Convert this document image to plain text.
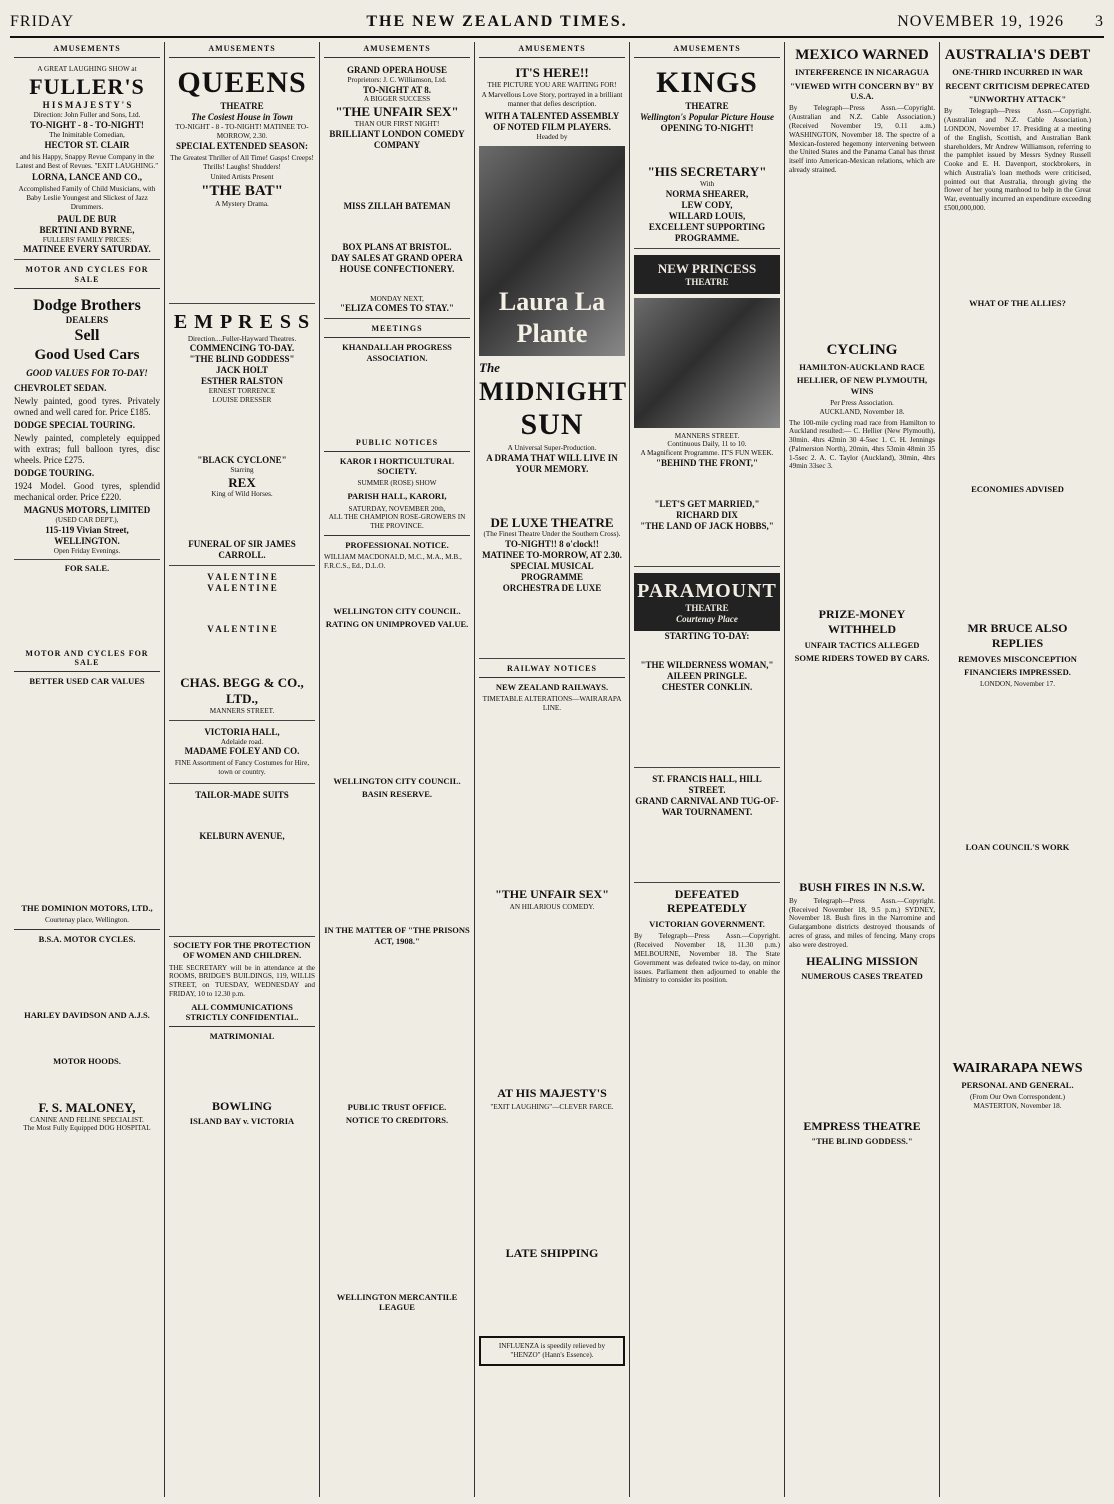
FRIDAY	THE NEW ZEALAND TIMES.	NOVEMBER 19, 1926	3
AMUSEMENTS
A GREAT LAUGHING SHOW at
FULLER'S
H I S M A J E S T Y ' S
Direction: John Fuller and Sons, Ltd.
TO-NIGHT - 8 - TO-NIGHT!
The Inimitable Comedian,
HECTOR ST. CLAIR

and his Happy, Snappy Revue Company in the Latest and Best of Revues. "EXIT LAUGHING."

LORNA, LANCE AND CO.,

Accomplished Family of Child Musicians, with Baby Leslie Youngest and Slickest of Jazz Drummers.

PAUL DE BUR
BERTINI AND BYRNE,
FULLERS' FAMILY PRICES:
MATINEE EVERY SATURDAY.
MOTOR AND CYCLES FOR SALE
Dodge Brothers
DEALERS
Sell
Good Used Cars
GOOD VALUES FOR TO-DAY!
CHEVROLET SEDAN.

Newly painted, good tyres. Privately owned and well cared for. Price £185.

DODGE SPECIAL TOURING.

Newly painted, completely equipped with extras; full balloon tyres, disc wheels. Price £275.

DODGE TOURING.

1924 Model. Good tyres, splendid mechanical order. Price £220.

MAGNUS MOTORS, LIMITED
(USED CAR DEPT.),
115-119 Vivian Street, WELLINGTON.
Open Friday Evenings.
FOR SALE.
MOTOR AND CYCLES FOR SALE
BETTER USED CAR VALUES
THE DOMINION MOTORS, LTD.,
Courtenay place, Wellington.
B.S.A. MOTOR CYCLES.
HARLEY DAVIDSON AND A.J.S.
MOTOR HOODS.
F. S. MALONEY,
CANINE AND FELINE SPECIALIST.
The Most Fully Equipped DOG HOSPITAL
AMUSEMENTS
QUEENS
THEATRE
The Cosiest House in Town
TO-NIGHT - 8 - TO-NIGHT! MATINEE TO-MORROW, 2.30.
SPECIAL EXTENDED SEASON:

The Greatest Thriller of All Time! Gasps! Creeps! Thrills! Laughs! Shudders!

United Artists Present
"THE BAT"
A Mystery Drama.
E M P R E S S
Direction....Fuller-Hayward Theatres.
COMMENCING TO-DAY.
"THE BLIND GODDESS"
JACK HOLT
ESTHER RALSTON
ERNEST TORRENCE
LOUISE DRESSER
"BLACK CYCLONE"
Starring
REX
King of Wild Horses.
FUNERAL OF SIR JAMES CARROLL.
V A L E N T I N E
V A L E N T I N E
V A L E N T I N E
CHAS. BEGG & CO., LTD.,
MANNERS STREET.
VICTORIA HALL,
Adelaide road.
MADAME FOLEY AND CO.

FINE Assortment of Fancy Costumes for Hire, town or country.

TAILOR-MADE SUITS
KELBURN AVENUE,
SOCIETY FOR THE PROTECTION OF WOMEN AND CHILDREN.

THE SECRETARY will be in attendance at the ROOMS, BRIDGE'S BUILDINGS, 119, WILLIS STREET, on TUESDAY, WEDNESDAY and FRIDAY, 10 to 12.30 p.m.

ALL COMMUNICATIONS STRICTLY CONFIDENTIAL.
MATRIMONIAL
BOWLING
ISLAND BAY v. VICTORIA
AMUSEMENTS
GRAND OPERA HOUSE
Proprietors: J. C. Williamson, Ltd.
TO-NIGHT AT 8.
A BIGGER SUCCESS
"THE UNFAIR SEX"
THAN OUR FIRST NIGHT!
BRILLIANT LONDON COMEDY COMPANY
MISS ZILLAH BATEMAN
BOX PLANS AT BRISTOL.
DAY SALES AT GRAND OPERA HOUSE CONFECTIONERY.
MONDAY NEXT,
"ELIZA COMES TO STAY."
MEETINGS
KHANDALLAH PROGRESS ASSOCIATION.
PUBLIC NOTICES
KAROR I HORTICULTURAL SOCIETY.
SUMMER (ROSE) SHOW
PARISH HALL, KARORI,
SATURDAY, NOVEMBER 20th,
ALL THE CHAMPION ROSE-GROWERS IN THE PROVINCE.
PROFESSIONAL NOTICE.

WILLIAM MACDONALD, M.C., M.A., M.B., F.R.C.S., Ed., D.L.O.

WELLINGTON CITY COUNCIL.
RATING ON UNIMPROVED VALUE.
WELLINGTON CITY COUNCIL.
BASIN RESERVE.
IN THE MATTER OF "THE PRISONS ACT, 1908."
PUBLIC TRUST OFFICE.
NOTICE TO CREDITORS.
WELLINGTON MERCANTILE LEAGUE
AMUSEMENTS
IT'S HERE!!
THE PICTURE YOU ARE WAITING FOR!

A Marvellous Love Story, portrayed in a brilliant manner that defies description.

WITH A TALENTED ASSEMBLY OF NOTED FILM PLAYERS.
Headed by
Laura La Plante
The
MIDNIGHT
SUN
A Universal Super-Production.
A DRAMA THAT WILL LIVE IN YOUR MEMORY.
DE LUXE THEATRE
(The Finest Theatre Under the Southern Cross).
TO-NIGHT!! 8 o'clock!!
MATINEE TO-MORROW, AT 2.30.
SPECIAL MUSICAL PROGRAMME
ORCHESTRA DE LUXE
RAILWAY NOTICES
NEW ZEALAND RAILWAYS.
TIMETABLE ALTERATIONS—WAIRARAPA LINE.
"THE UNFAIR SEX"
AN HILARIOUS COMEDY.
AT HIS MAJESTY'S
"EXIT LAUGHING"—CLEVER FARCE.
LATE SHIPPING
INFLUENZA is speedily relieved by "HENZO" (Hann's Essence).
AMUSEMENTS
KINGS
THEATRE
Wellington's Popular Picture House
OPENING TO-NIGHT!
"HIS SECRETARY"
With
NORMA SHEARER,
LEW CODY,
WILLARD LOUIS,
EXCELLENT SUPPORTING PROGRAMME.
NEW PRINCESS
THEATRE
MANNERS STREET.
Continuous Daily, 11 to 10.
A Magnificent Programme. IT'S FUN WEEK.
"BEHIND THE FRONT,"
"LET'S GET MARRIED,"
RICHARD DIX
"THE LAND OF JACK HOBBS,"
PARAMOUNT
THEATRE
Courtenay Place
STARTING TO-DAY:
"THE WILDERNESS WOMAN,"
AILEEN PRINGLE.
CHESTER CONKLIN.
ST. FRANCIS HALL, HILL STREET.
GRAND CARNIVAL AND TUG-OF-WAR TOURNAMENT.
DEFEATED REPEATEDLY
VICTORIAN GOVERNMENT.

By Telegraph—Press Assn.—Copyright. (Received November 18, 11.30 p.m.) MELBOURNE, November 18. The State Government was defeated twice to-day, on minor issues. Parliament then adjourned to enable the Ministry to consider its position.

MEXICO WARNED
INTERFERENCE IN NICARAGUA
"VIEWED WITH CONCERN BY" BY U.S.A.

By Telegraph—Press Assn.—Copyright. (Australian and N.Z. Cable Association.) (Received November 19, 0.11 a.m.) WASHINGTON, November 18. The spectre of a Mexican-fostered hegemony intervening between the United States and the Panama Canal has thrust itself into American-Mexican relations, which are already strained.

CYCLING
HAMILTON-AUCKLAND RACE
HELLIER, OF NEW PLYMOUTH, WINS
Per Press Association.
AUCKLAND, November 18.

The 100-mile cycling road race from Hamilton to Auckland resulted:— C. Hellier (New Plymouth), 30min. 4hrs 42min 30 4-5sec 1. C. H. Jennings (Palmerston North), 20min, 4hrs 53min 48min 35 1-5sec 2. A. C. Taylor (Auckland), 30min, 4hrs 49min 33sec 3.

PRIZE-MONEY WITHHELD
UNFAIR TACTICS ALLEGED
SOME RIDERS TOWED BY CARS.
BUSH FIRES IN N.S.W.

By Telegraph—Press Assn.—Copyright. (Received November 18, 9.5 p.m.) SYDNEY, November 18. Bush fires in the Narromine and Gulargambone districts destroyed thousands of acres of grass, and miles of fencing. Many crops also were destroyed.

HEALING MISSION
NUMEROUS CASES TREATED
EMPRESS THEATRE
"THE BLIND GODDESS."
AUSTRALIA'S DEBT
ONE-THIRD INCURRED IN WAR
RECENT CRITICISM DEPRECATED
"UNWORTHY ATTACK"

By Telegraph—Press Assn.—Copyright. (Australian and N.Z. Cable Association.) LONDON, November 17. Presiding at a meeting of the English, Scottish, and Australian Bank shareholders, Mr Andrew Williamson, referring to the pamphlet issued by Messrs Sydney Russell Cooke and E. H. Davenport, stockbrokers, in which Australia's loan methods were criticised, pointed out that Australia, through giving the flower of her young manhood to help in the Great War, eventually incurred an expenditure exceeding £500,000,000.

WHAT OF THE ALLIES?
ECONOMIES ADVISED
MR BRUCE ALSO REPLIES
REMOVES MISCONCEPTION
FINANCIERS IMPRESSED.
LONDON, November 17.
LOAN COUNCIL'S WORK
WAIRARAPA NEWS
PERSONAL AND GENERAL.
(From Our Own Correspondent.)
MASTERTON, November 18.
